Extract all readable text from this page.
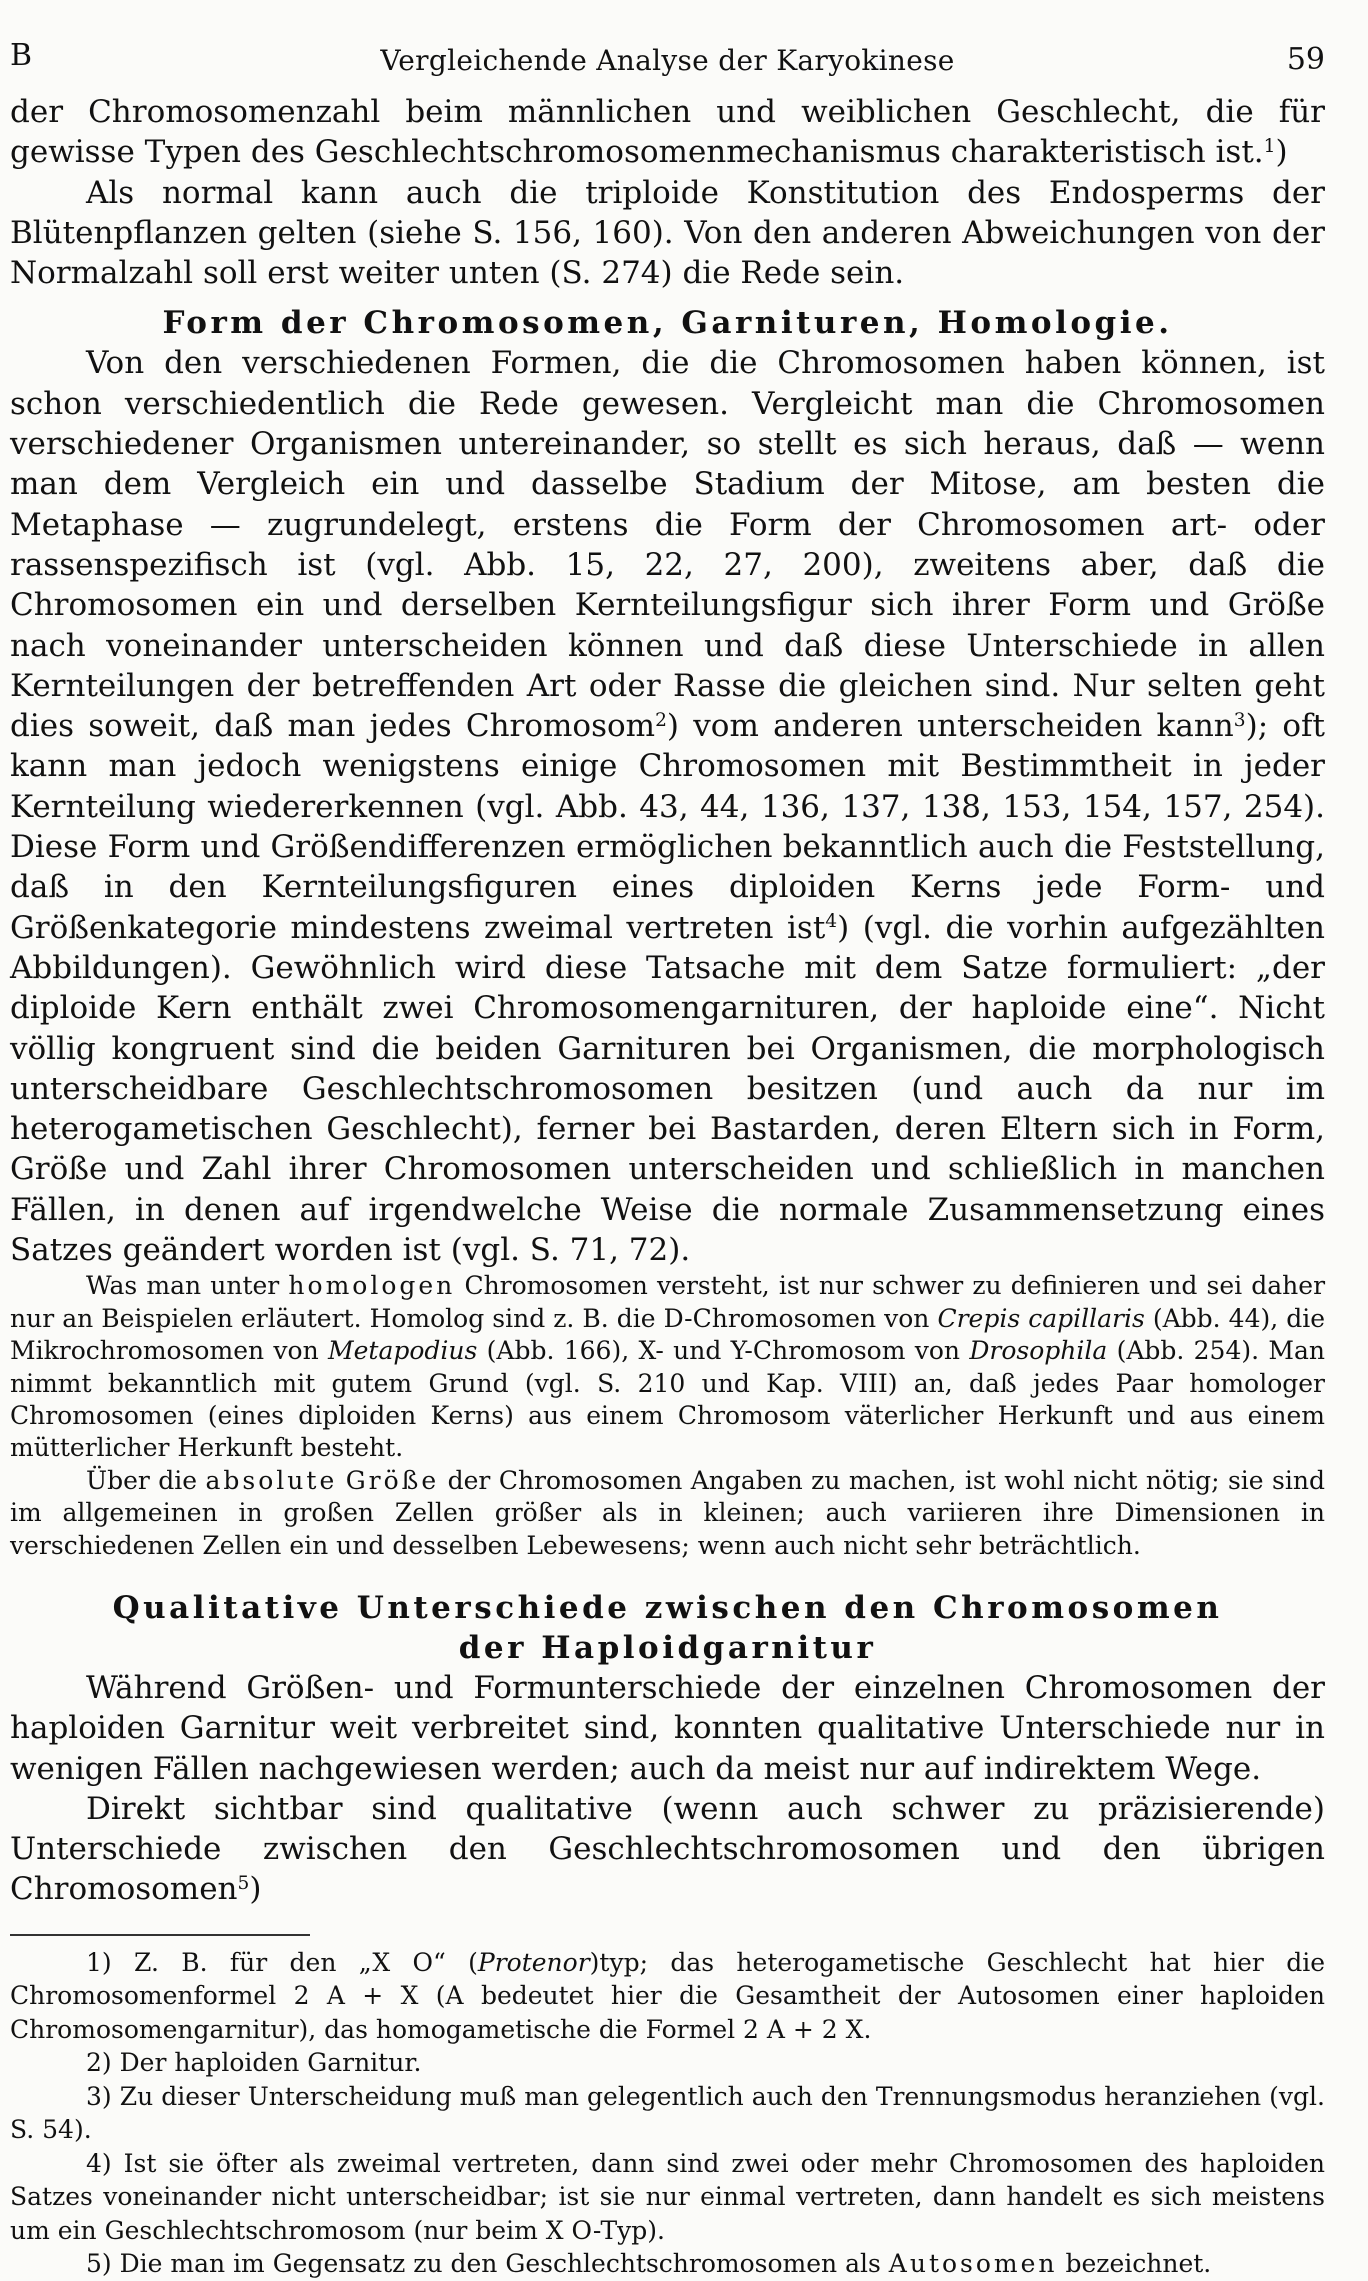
B	Vergleichende Analyse der Karyokinese	59

der Chromosomenzahl beim männlichen und weiblichen Geschlecht, die für gewisse Typen des Geschlechtschromosomenmechanismus charakteristisch ist.$^1$)

Als normal kann auch die triploide Konstitution des Endosperms der Blütenpflanzen gelten (siehe S. 156, 160). Von den anderen Abweichungen von der Normalzahl soll erst weiter unten (S. 274) die Rede sein.

Form der Chromosomen, Garnituren, Homologie.

Von den verschiedenen Formen, die die Chromosomen haben können, ist schon verschiedentlich die Rede gewesen. Vergleicht man die Chromosomen verschiedener Organismen untereinander, so stellt es sich heraus, daß — wenn man dem Vergleich ein und dasselbe Stadium der Mitose, am besten die Metaphase — zugrundelegt, erstens die Form der Chromosomen art- oder rassenspezifisch ist (vgl. Abb. 15, 22, 27, 200), zweitens aber, daß die Chromosomen ein und derselben Kernteilungsfigur sich ihrer Form und Größe nach voneinander unterscheiden können und daß diese Unterschiede in allen Kernteilungen der betreffenden Art oder Rasse die gleichen sind. Nur selten geht dies soweit, daß man jedes Chromosom$^2$) vom anderen unterscheiden kann$^3$); oft kann man jedoch wenigstens einige Chromosomen mit Bestimmtheit in jeder Kernteilung wiedererkennen (vgl. Abb. 43, 44, 136, 137, 138, 153, 154, 157, 254). Diese Form und Größendifferenzen ermöglichen bekanntlich auch die Feststellung, daß in den Kernteilungsfiguren eines diploiden Kerns jede Form- und Größenkategorie mindestens zweimal vertreten ist$^4$) (vgl. die vorhin aufgezählten Abbildungen). Gewöhnlich wird diese Tatsache mit dem Satze formuliert: „der diploide Kern enthält zwei Chromosomengarnituren, der haploide eine“. Nicht völlig kongruent sind die beiden Garnituren bei Organismen, die morphologisch unterscheidbare Geschlechtschromosomen besitzen (und auch da nur im heterogametischen Geschlecht), ferner bei Bastarden, deren Eltern sich in Form, Größe und Zahl ihrer Chromosomen unterscheiden und schließlich in manchen Fällen, in denen auf irgendwelche Weise die normale Zusammensetzung eines Satzes geändert worden ist (vgl. S. 71, 72).

Was man unter homologen Chromosomen versteht, ist nur schwer zu definieren und sei daher nur an Beispielen erläutert. Homolog sind z. B. die D-Chromosomen von Crepis capillaris (Abb. 44), die Mikrochromosomen von Metapodius (Abb. 166), X- und Y-Chromosom von Drosophila (Abb. 254). Man nimmt bekanntlich mit gutem Grund (vgl. S. 210 und Kap. VIII) an, daß jedes Paar homologer Chromosomen (eines diploiden Kerns) aus einem Chromosom väterlicher Herkunft und aus einem mütterlicher Herkunft besteht.

Über die absolute Größe der Chromosomen Angaben zu machen, ist wohl nicht nötig; sie sind im allgemeinen in großen Zellen größer als in kleinen; auch variieren ihre Dimensionen in verschiedenen Zellen ein und desselben Lebewesens; wenn auch nicht sehr beträchtlich.

Qualitative Unterschiede zwischen den Chromosomen
der Haploidgarnitur

Während Größen- und Formunterschiede der einzelnen Chromosomen der haploiden Garnitur weit verbreitet sind, konnten qualitative Unterschiede nur in wenigen Fällen nachgewiesen werden; auch da meist nur auf indirektem Wege.

Direkt sichtbar sind qualitative (wenn auch schwer zu präzisierende) Unterschiede zwischen den Geschlechtschromosomen und den übrigen Chromosomen$^5$)

1) Z. B. für den „X O“ (Protenor)typ; das heterogametische Geschlecht hat hier die Chromosomenformel 2 A + X (A bedeutet hier die Gesamtheit der Autosomen einer haploiden Chromosomengarnitur), das homogametische die Formel 2 A + 2 X.

2) Der haploiden Garnitur.

3) Zu dieser Unterscheidung muß man gelegentlich auch den Trennungsmodus heranziehen (vgl. S. 54).

4) Ist sie öfter als zweimal vertreten, dann sind zwei oder mehr Chromosomen des haploiden Satzes voneinander nicht unterscheidbar; ist sie nur einmal vertreten, dann handelt es sich meistens um ein Geschlechtschromosom (nur beim X O-Typ).

5) Die man im Gegensatz zu den Geschlechtschromosomen als Autosomen bezeichnet.
